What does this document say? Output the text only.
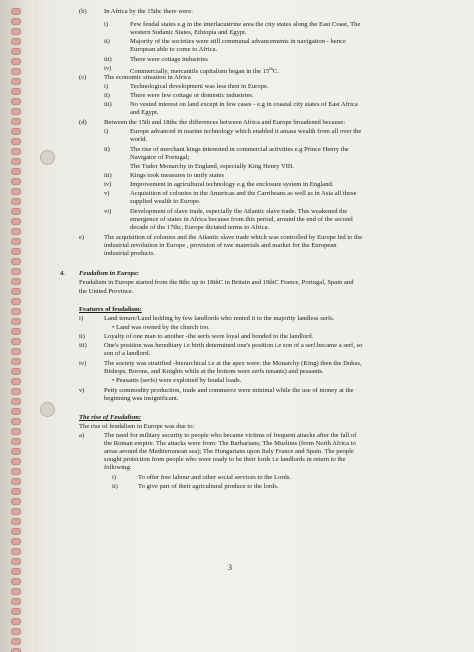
(b)	In Africa by the 15thc there were:
i)	Few feudal states e.g in the interlacustrine area the city states along the East Coast, The
western Sudanic States, Ethiopia and Egypt.
ii)	Majority of the societies were still communal advancements in navigation - hence
European able to come to Africa.
iii)	There were cottage industries
iv)	Commercially, mercantile capitalism began in the 15thC.
(c)	The economic situation in Africa
i)	Technological development was less then in Europe.
ii)	There were few cottage or domestic industries.
iii)	No vested interest on land except in few cases - e.g in coastal city states of East Africa
and Egypt.
(d)	Between the 15th and 18thc the differences between Africa and Europe broadened because:
i)	Europe advanced in marine technology which enabled it amass wealth from all over the
world.
ii)	The rise of merchant kings interested in commercial activities e.g Prince Henry the
Navigator of Portugal;
The Tudor Monarchy in England, especially King Henry VIII.
iii)	Kings took measures to unify states
iv)	Improvement in agricultural technology e.g the enclosure system in England.
v)	Acquisition of colonies in the Americas and the Carribeans as well as in Asia all these
supplied wealth to Europe.
vi)	Development of slave trade, especially the Atlantic slave trade. This weakened the
emergence of states in Africa because from this period, around the end of the second
decade of the 17thc, Europe dictated terms to Africa.
e)	The acquisition of colonies and the Atlantic slave trade which was controlled by Europe led to the
industrial revolution in Europe , provision of raw materials and market for the European
industrial products.
4. Feudalism in Europe:
Feudalism in Europe started from the 8thc up to 18thC in Britain and 19thC France, Portugal, Spain and
the United Province.
Features of feudalism:
i)	Land tenure/Land holding by few landlords who rented it to the majority landless serfs.
• Land was owned by the church too.
ii)	Loyalty of one man to another -the serfs were loyal and bonded to the landlord.
iii)	One's position was hereditary i.e birth determined one's position i.e son of a serf.became a serf, so
son of a landlord.
iv)	The society was stratified -hierarchical i.e at the apex were: the Monarchy (King) then the Dukes,
Bishops, Borons, and Knights while at the bottom were serfs tenants) and peasants.
• Peasants (serfs) were exploited by feudal loads.
v)	Petty commodity production, trade and commerce were minimal while the use of money at the
beginning was insignificant.
The rise of Feudalism:
The rise of feudalism in Europe was due to:
a)	The need for military security to people who became victims of frequent attacks after the fall of
the Roman empire. The attacks were from: The Barbarians; The Muslims (from North Africa to
areas around the Mediterranean sea); The Hungarians upon Italy France and Spain. The people
sought protection from people who were ready to be their lords i.e landlords in return to the
following:
i)	To offer free labour and other social services to the Lords.
ii)	To give part of their agricultural produce to the lords.
3
